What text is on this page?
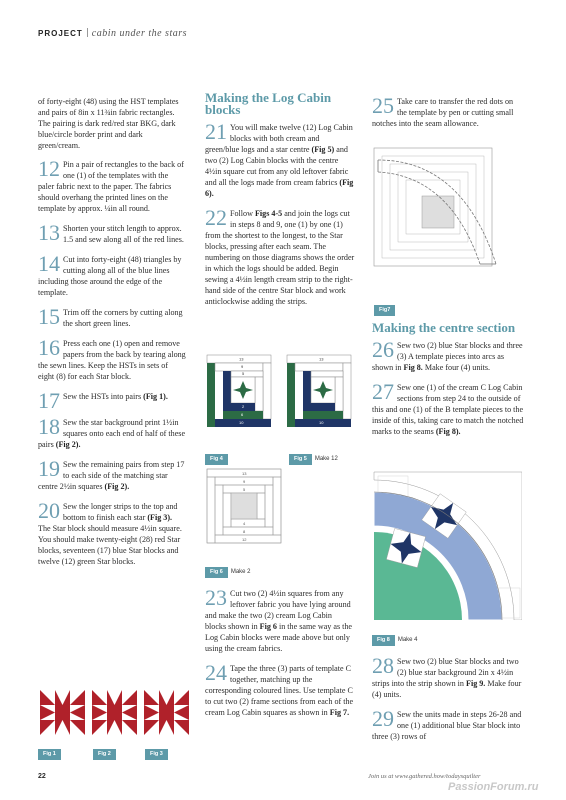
PROJECT cabin under the stars

of forty-eight (48) using the HST templates and pairs of 8in x 11¾in fabric rectangles. The pairing is dark red/red star BKG, dark blue/circle border print and dark green/cream.

12 Pin a pair of rectangles to the back of one (1) of the templates with the paler fabric next to the paper. The fabrics should overhang the printed lines on the template by approx. ¼in all round.
13 Shorten your stitch length to approx. 1.5 and sew along all of the red lines.
14 Cut into forty-eight (48) triangles by cutting along all of the blue lines including those around the edge of the template.
15 Trim off the corners by cutting along the short green lines.
16 Press each one (1) open and remove papers from the back by tearing along the sewn lines. Keep the HSTs in sets of eight (8) for each Star block.
17 Sew the HSTs into pairs (Fig 1).
18 Sew the star background print 1½in squares onto each end of half of these pairs (Fig 2).
19 Sew the remaining pairs from step 17 to each side of the matching star centre 2½in squares (Fig 2).
20 Sew the longer strips to the top and bottom to finish each star (Fig 3). The Star block should measure 4½in square. You should make twenty-eight (28) red Star blocks, seventeen (17) blue Star blocks and twelve (12) green Star blocks.
Fig 1	Fig 2	Fig 3
Making the Log Cabin blocks
21 You will make twelve (12) Log Cabin blocks with both cream and green/blue logs and a star centre (Fig 5) and two (2) Log Cabin blocks with the centre 4½in square cut from any old leftover fabric and all the logs made from cream fabrics (Fig 6).
22 Follow Figs 4-5 and join the logs cut in steps 8 and 9, one (1) by one (1) from the shortest to the longest, to the Star blocks, pressing after each seam. The numbering on those diagrams shows the order in which the logs should be added. Begin sewing a 4½in length cream strip to the right-hand side of the centre Star block and work anticlockwise adding the strips.
13
9
5
2
6
10
13
10
Fig 4	Fig 5 Make 12
13
9
5
4
8
12
Fig 6 Make 2
23 Cut two (2) 4½in squares from any leftover fabric you have lying around and make the two (2) cream Log Cabin blocks shown in Fig 6 in the same way as the Log Cabin blocks were made above but only using the cream fabrics.
24 Tape the three (3) parts of template C together, matching up the corresponding coloured lines. Use template C to cut two (2) frame sections from each of the cream Log Cabin squares as shown in Fig 7.
25 Take care to transfer the red dots on the template by pen or cutting small notches into the seam allowance.
Fig7
Making the centre section
26 Sew two (2) blue Star blocks and three (3) A template pieces into arcs as shown in Fig 8. Make four (4) units.
27 Sew one (1) of the cream C Log Cabin sections from step 24 to the outside of this and one (1) of the B template pieces to the inside of this, taking care to match the notched marks to the seams (Fig 8).
Fig 8 Make 4
28 Sew two (2) blue Star blocks and two (2) blue star background 2in x 4½in strips into the strip shown in Fig 9. Make four (4) units.
29 Sew the units made in steps 26-28 and one (1) additional blue Star block into three (3) rows of
22	Join us at www.gathered.how/todaysquilter
PassionForum.ru
